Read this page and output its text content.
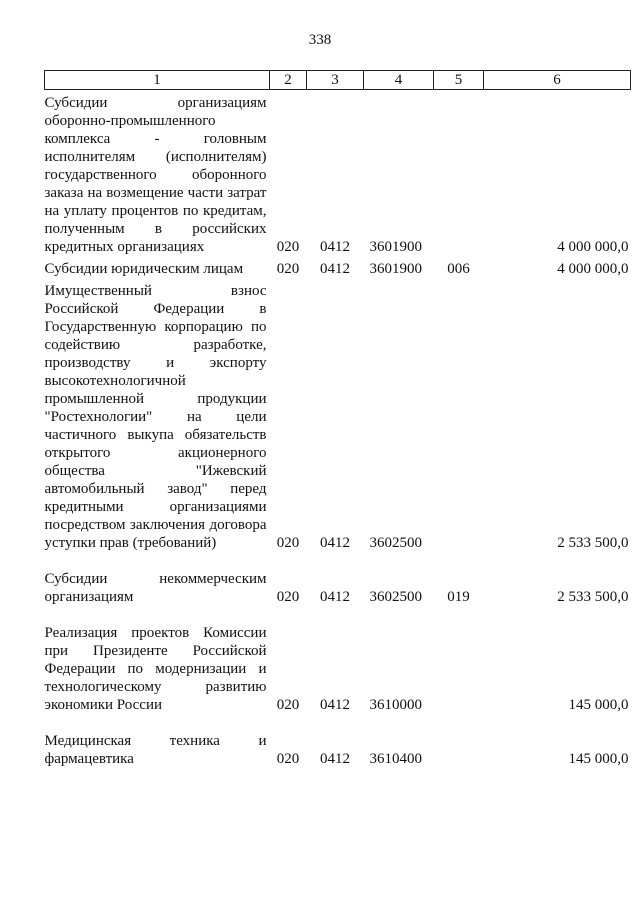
338
1	2	3	4	5	6
Субсидии организациям оборонно-промышленного комплекса - головным исполнителям (исполнителям) государственного оборонного заказа на возмещение части затрат на уплату процентов по кредитам, полученным в российских кредитных организациях	020	0412	3601900		4 000 000,0
Субсидии юридическим лицам	020	0412	3601900	006	4 000 000,0
Имущественный взнос Российской Федерации в Государственную корпорацию по содействию разработке, производству и экспорту высокотехнологичной промышленной продукции "Ростехнологии" на цели частичного выкупа обязательств открытого акционерного общества "Ижевский автомобильный завод" перед кредитными организациями посредством заключения договора уступки прав (требований)	020	0412	3602500		2 533 500,0
Субсидии некоммерческим организациям	020	0412	3602500	019	2 533 500,0
Реализация проектов Комиссии при Президенте Российской Федерации по модернизации и технологическому развитию экономики России	020	0412	3610000		145 000,0
Медицинская техника и фармацевтика	020	0412	3610400		145 000,0
